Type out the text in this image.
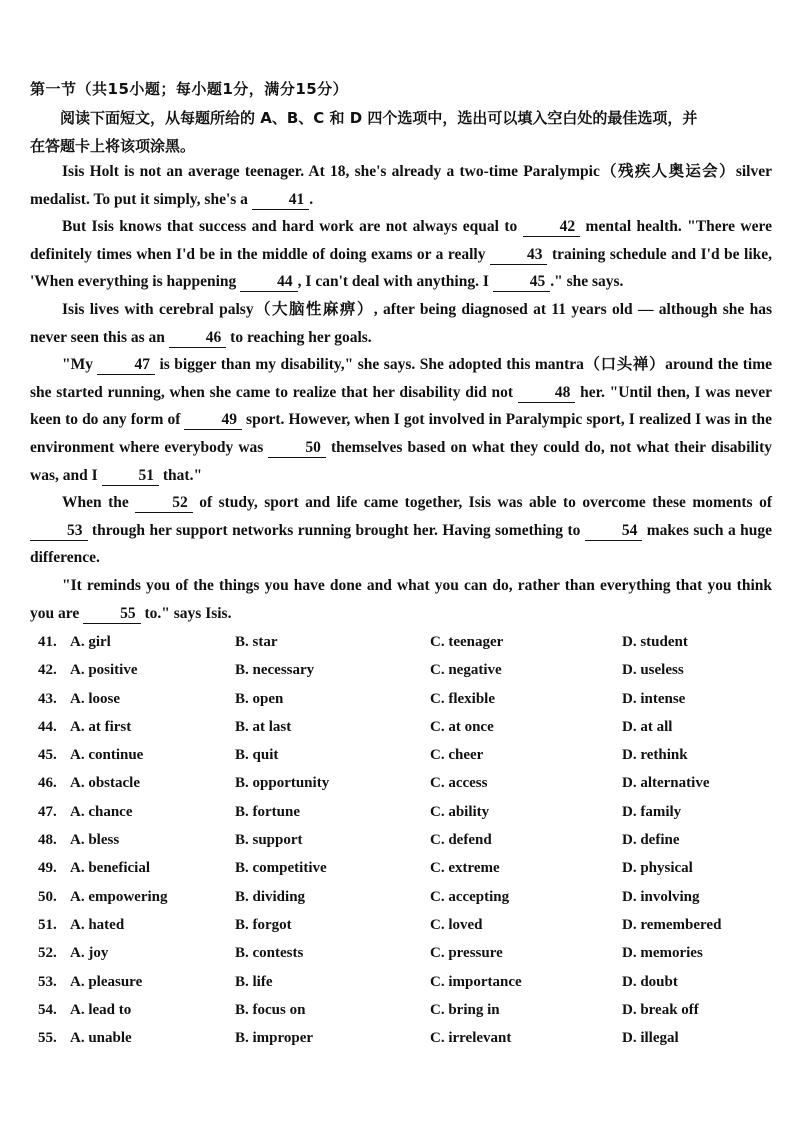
第一节（共15小题；每小题1分，满分15分）
阅读下面短文，从每题所给的 A、B、C 和 D 四个选项中，选出可以填入空白处的最佳选项，并
在答题卡上将该项涂黑。

Isis Holt is not an average teenager. At 18, she's already a two-time Paralympic（残疾人奥运会）silver medalist. To put it simply, she's a 41 .

But Isis knows that success and hard work are not always equal to 42 mental health. "There were definitely times when I'd be in the middle of doing exams or a really 43 training schedule and I'd be like, 'When everything is happening 44 , I can't deal with anything. I 45 ." she says.

Isis lives with cerebral palsy（大脑性麻痹）, after being diagnosed at 11 years old — although she has never seen this as an 46 to reaching her goals.

"My 47 is bigger than my disability," she says. She adopted this mantra（口头禅）around the time she started running, when she came to realize that her disability did not 48 her. "Until then, I was never keen to do any form of 49 sport. However, when I got involved in Paralympic sport, I realized I was in the environment where everybody was 50 themselves based on what they could do, not what their disability was, and I 51 that."

When the 52 of study, sport and life came together, Isis was able to overcome these moments of 53 through her support networks running brought her. Having something to 54 makes such a huge difference.

"It reminds you of the things you have done and what you can do, rather than everything that you think you are 55 to." says Isis.

41. A. girl	B. star	C. teenager	D. student
42. A. positive	B. necessary	C. negative	D. useless
43. A. loose	B. open	C. flexible	D. intense
44. A. at first	B. at last	C. at once	D. at all
45. A. continue	B. quit	C. cheer	D. rethink
46. A. obstacle	B. opportunity	C. access	D. alternative
47. A. chance	B. fortune	C. ability	D. family
48. A. bless	B. support	C. defend	D. define
49. A. beneficial	B. competitive	C. extreme	D. physical
50. A. empowering	B. dividing	C. accepting	D. involving
51. A. hated	B. forgot	C. loved	D. remembered
52. A. joy	B. contests	C. pressure	D. memories
53. A. pleasure	B. life	C. importance	D. doubt
54. A. lead to	B. focus on	C. bring in	D. break off
55. A. unable	B. improper	C. irrelevant	D. illegal
